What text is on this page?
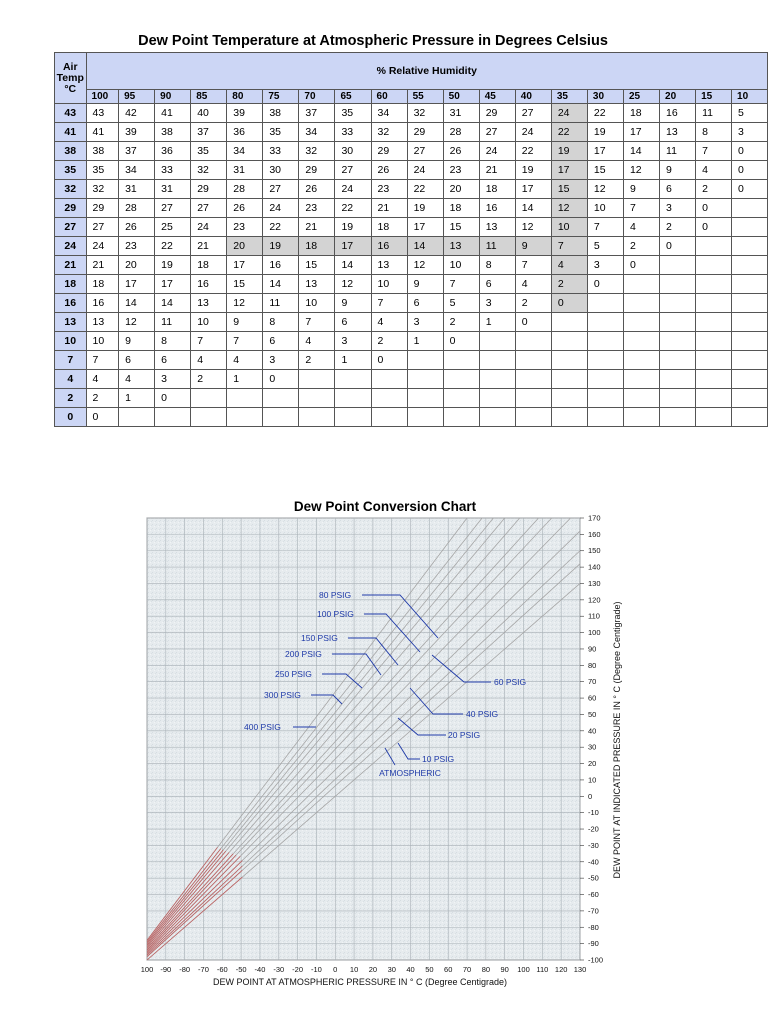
Dew Point Temperature at Atmospheric Pressure in Degrees Celsius
Air
Temp
°C	% Relative Humidity																		
	100	95	90	85	80	75	70	65	60	55	50	45	40	35	30	25	20	15	10
43	43	42	41	40	39	38	37	35	34	32	31	29	27	24	22	18	16	11	5
41	41	39	38	37	36	35	34	33	32	29	28	27	24	22	19	17	13	8	3
38	38	37	36	35	34	33	32	30	29	27	26	24	22	19	17	14	11	7	0
35	35	34	33	32	31	30	29	27	26	24	23	21	19	17	15	12	9	4	0
32	32	31	31	29	28	27	26	24	23	22	20	18	17	15	12	9	6	2	0
29	29	28	27	27	26	24	23	22	21	19	18	16	14	12	10	7	3	0	
27	27	26	25	24	23	22	21	19	18	17	15	13	12	10	7	4	2	0	
24	24	23	22	21	20	19	18	17	16	14	13	11	9	7	5	2	0		
21	21	20	19	18	17	16	15	14	13	12	10	8	7	4	3	0			
18	18	17	17	16	15	14	13	12	10	9	7	6	4	2	0				
16	16	14	14	13	12	11	10	9	7	6	5	3	2	0					
13	13	12	11	10	9	8	7	6	4	3	2	1	0						
10	10	9	8	7	7	6	4	3	2	1	0								
7	7	6	6	4	4	3	2	1	0										
4	4	4	3	2	1	0													
2	2	1	0																
0	0																		
Dew Point Conversion Chart
100 -90 -80 -70 -60 -50 -40 -30 -20 -10 0 10 20 30 40 50 60 70 80 90 100 110 120 130
170
160
150
140
130
120
110
100
90
80
70
60
50
40
30
20
10
0
-10
-20
-30
-40
-50
-60
-70
-80
-90
-100
ATMOSPHERIC
10 PSIG
20 PSIG
40 PSIG
60 PSIG
80 PSIG
100 PSIG
150 PSIG
200 PSIG
250 PSIG
300 PSIG
400 PSIG
DEW POINT AT ATMOSPHERIC PRESSURE IN ° C (Degree Centigrade)
DEW POINT AT INDICATED PRESSURE IN ° C (Degree Centigrade)
